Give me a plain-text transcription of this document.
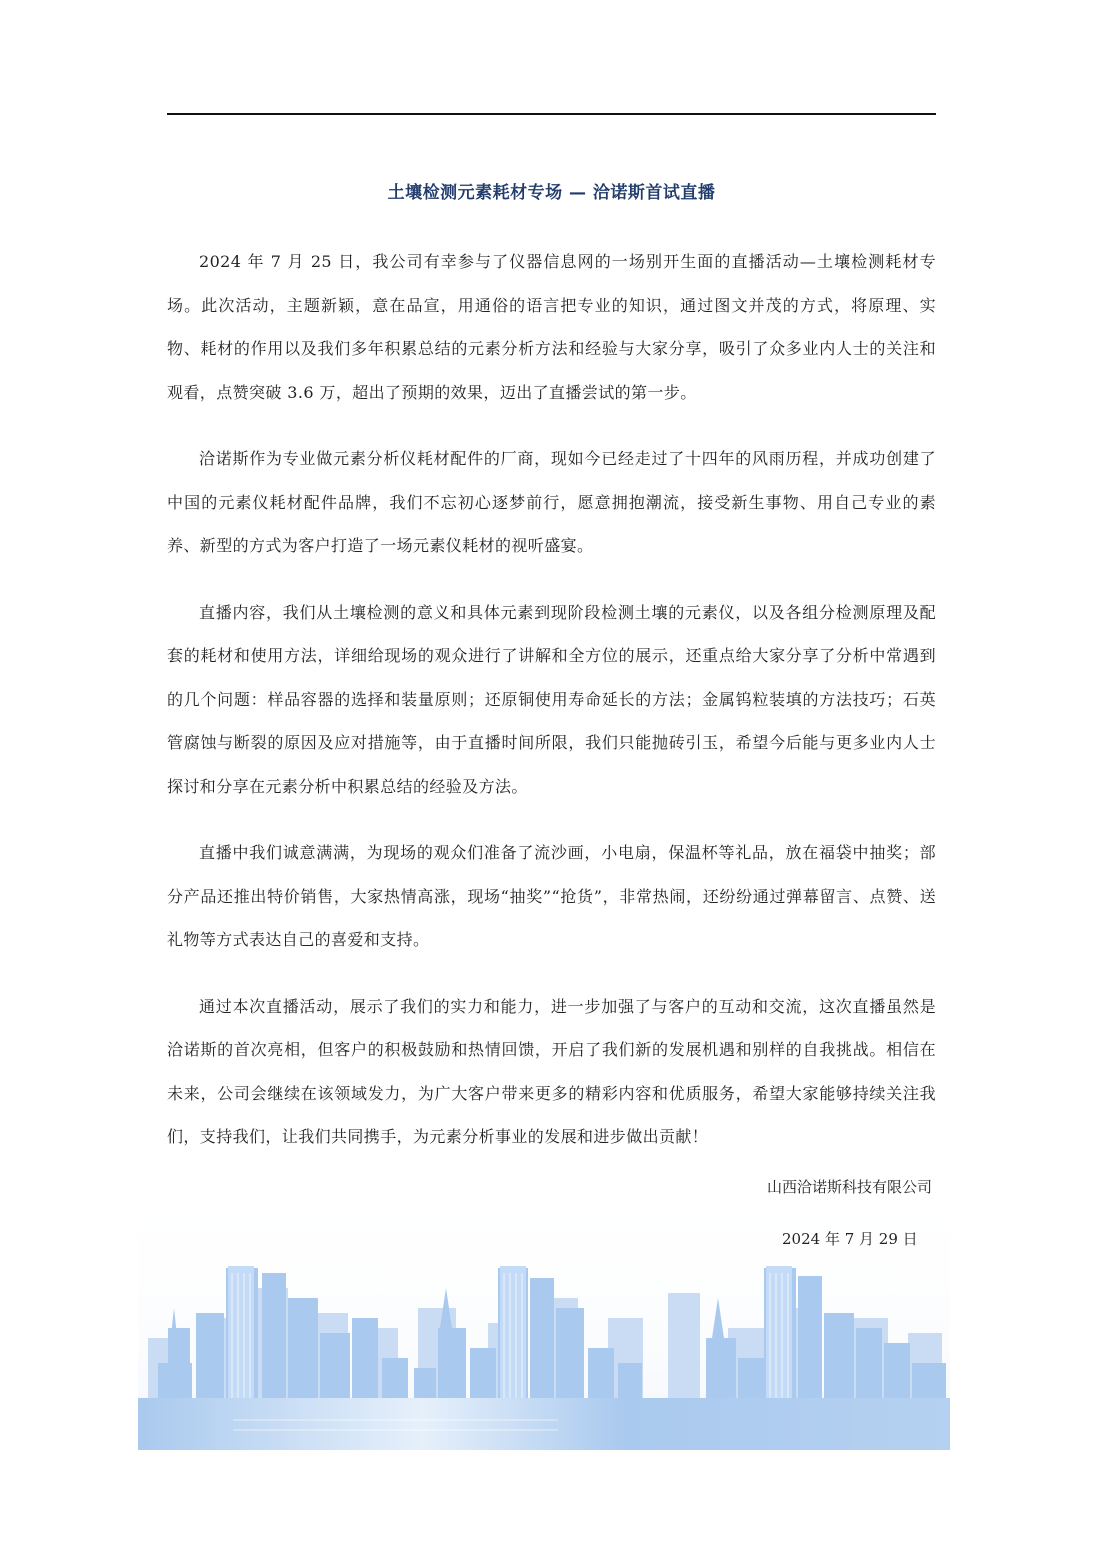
土壤检测元素耗材专场 — 洽诺斯首试直播

2024 年 7 月 25 日，我公司有幸参与了仪器信息网的一场别开生面的直播活动—土壤检测耗材专场。此次活动，主题新颖，意在品宣，用通俗的语言把专业的知识，通过图文并茂的方式，将原理、实物、耗材的作用以及我们多年积累总结的元素分析方法和经验与大家分享，吸引了众多业内人士的关注和观看，点赞突破 3.6 万，超出了预期的效果，迈出了直播尝试的第一步。

洽诺斯作为专业做元素分析仪耗材配件的厂商，现如今已经走过了十四年的风雨历程，并成功创建了中国的元素仪耗材配件品牌，我们不忘初心逐梦前行，愿意拥抱潮流，接受新生事物、用自己专业的素养、新型的方式为客户打造了一场元素仪耗材的视听盛宴。

直播内容，我们从土壤检测的意义和具体元素到现阶段检测土壤的元素仪，以及各组分检测原理及配套的耗材和使用方法，详细给现场的观众进行了讲解和全方位的展示，还重点给大家分享了分析中常遇到的几个问题：样品容器的选择和装量原则；还原铜使用寿命延长的方法；金属钨粒装填的方法技巧；石英管腐蚀与断裂的原因及应对措施等，由于直播时间所限，我们只能抛砖引玉，希望今后能与更多业内人士探讨和分享在元素分析中积累总结的经验及方法。

直播中我们诚意满满，为现场的观众们准备了流沙画，小电扇，保温杯等礼品，放在福袋中抽奖；部分产品还推出特价销售，大家热情高涨，现场“抽奖”“抢货”，非常热闹，还纷纷通过弹幕留言、点赞、送礼物等方式表达自己的喜爱和支持。

通过本次直播活动，展示了我们的实力和能力，进一步加强了与客户的互动和交流，这次直播虽然是洽诺斯的首次亮相，但客户的积极鼓励和热情回馈，开启了我们新的发展机遇和别样的自我挑战。相信在未来，公司会继续在该领域发力，为广大客户带来更多的精彩内容和优质服务，希望大家能够持续关注我们，支持我们，让我们共同携手，为元素分析事业的发展和进步做出贡献！

山西洽诺斯科技有限公司
2024 年 7 月 29 日
